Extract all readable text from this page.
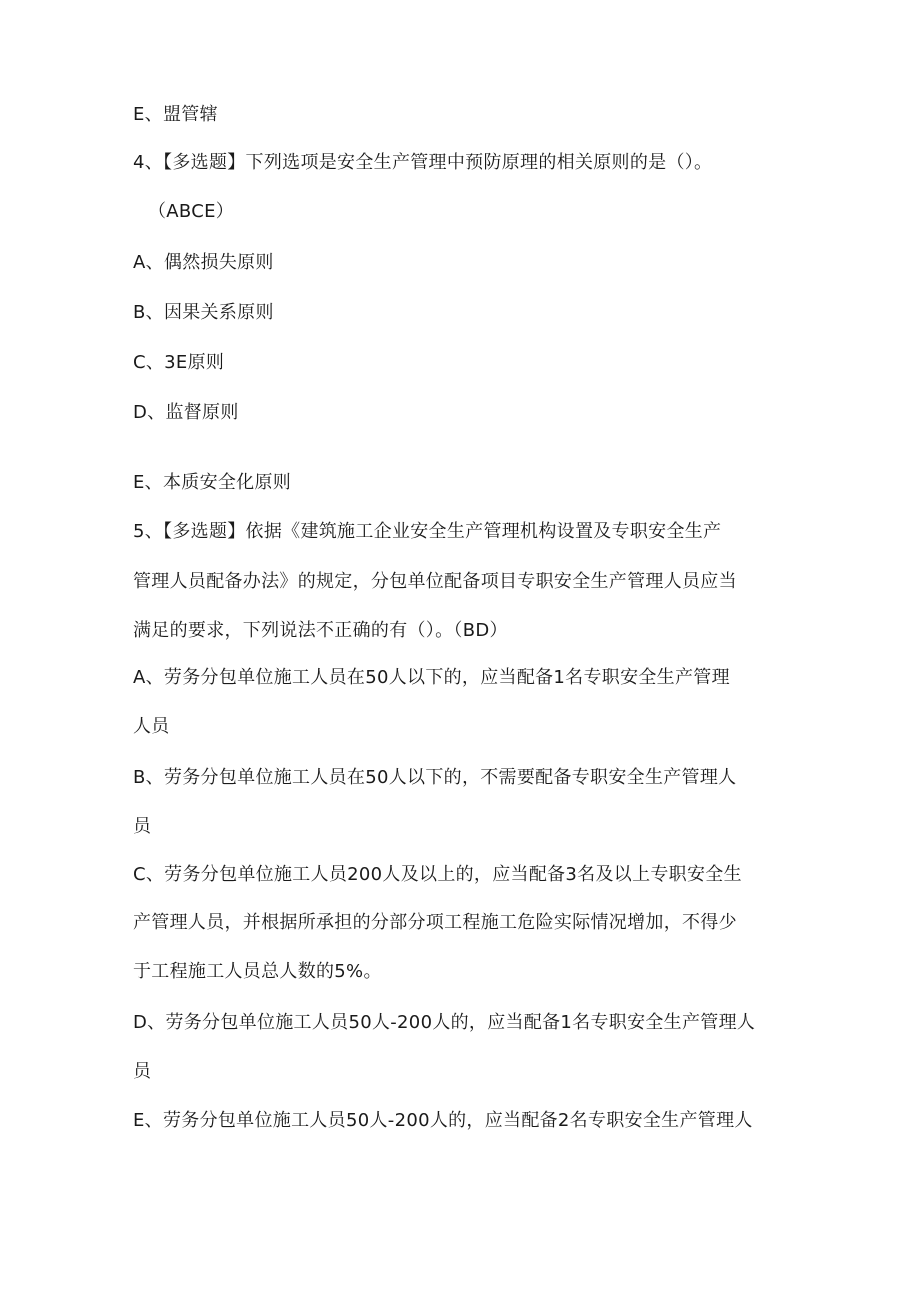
E、盟管辖
4、【多选题】下列选项是安全生产管理中预防原理的相关原则的是（）。
（ABCE）
A、偶然损失原则
B、因果关系原则
C、3E原则
D、监督原则
E、本质安全化原则
5、【多选题】依据《建筑施工企业安全生产管理机构设置及专职安全生产
管理人员配备办法》的规定，分包单位配备项目专职安全生产管理人员应当
满足的要求，下列说法不正确的有（）。（BD）
A、劳务分包单位施工人员在50人以下的，应当配备1名专职安全生产管理
人员
B、劳务分包单位施工人员在50人以下的，不需要配备专职安全生产管理人
员
C、劳务分包单位施工人员200人及以上的，应当配备3名及以上专职安全生
产管理人员，并根据所承担的分部分项工程施工危险实际情况增加，不得少
于工程施工人员总人数的5%。
D、劳务分包单位施工人员50人-200人的，应当配备1名专职安全生产管理人
员
E、劳务分包单位施工人员50人-200人的，应当配备2名专职安全生产管理人
